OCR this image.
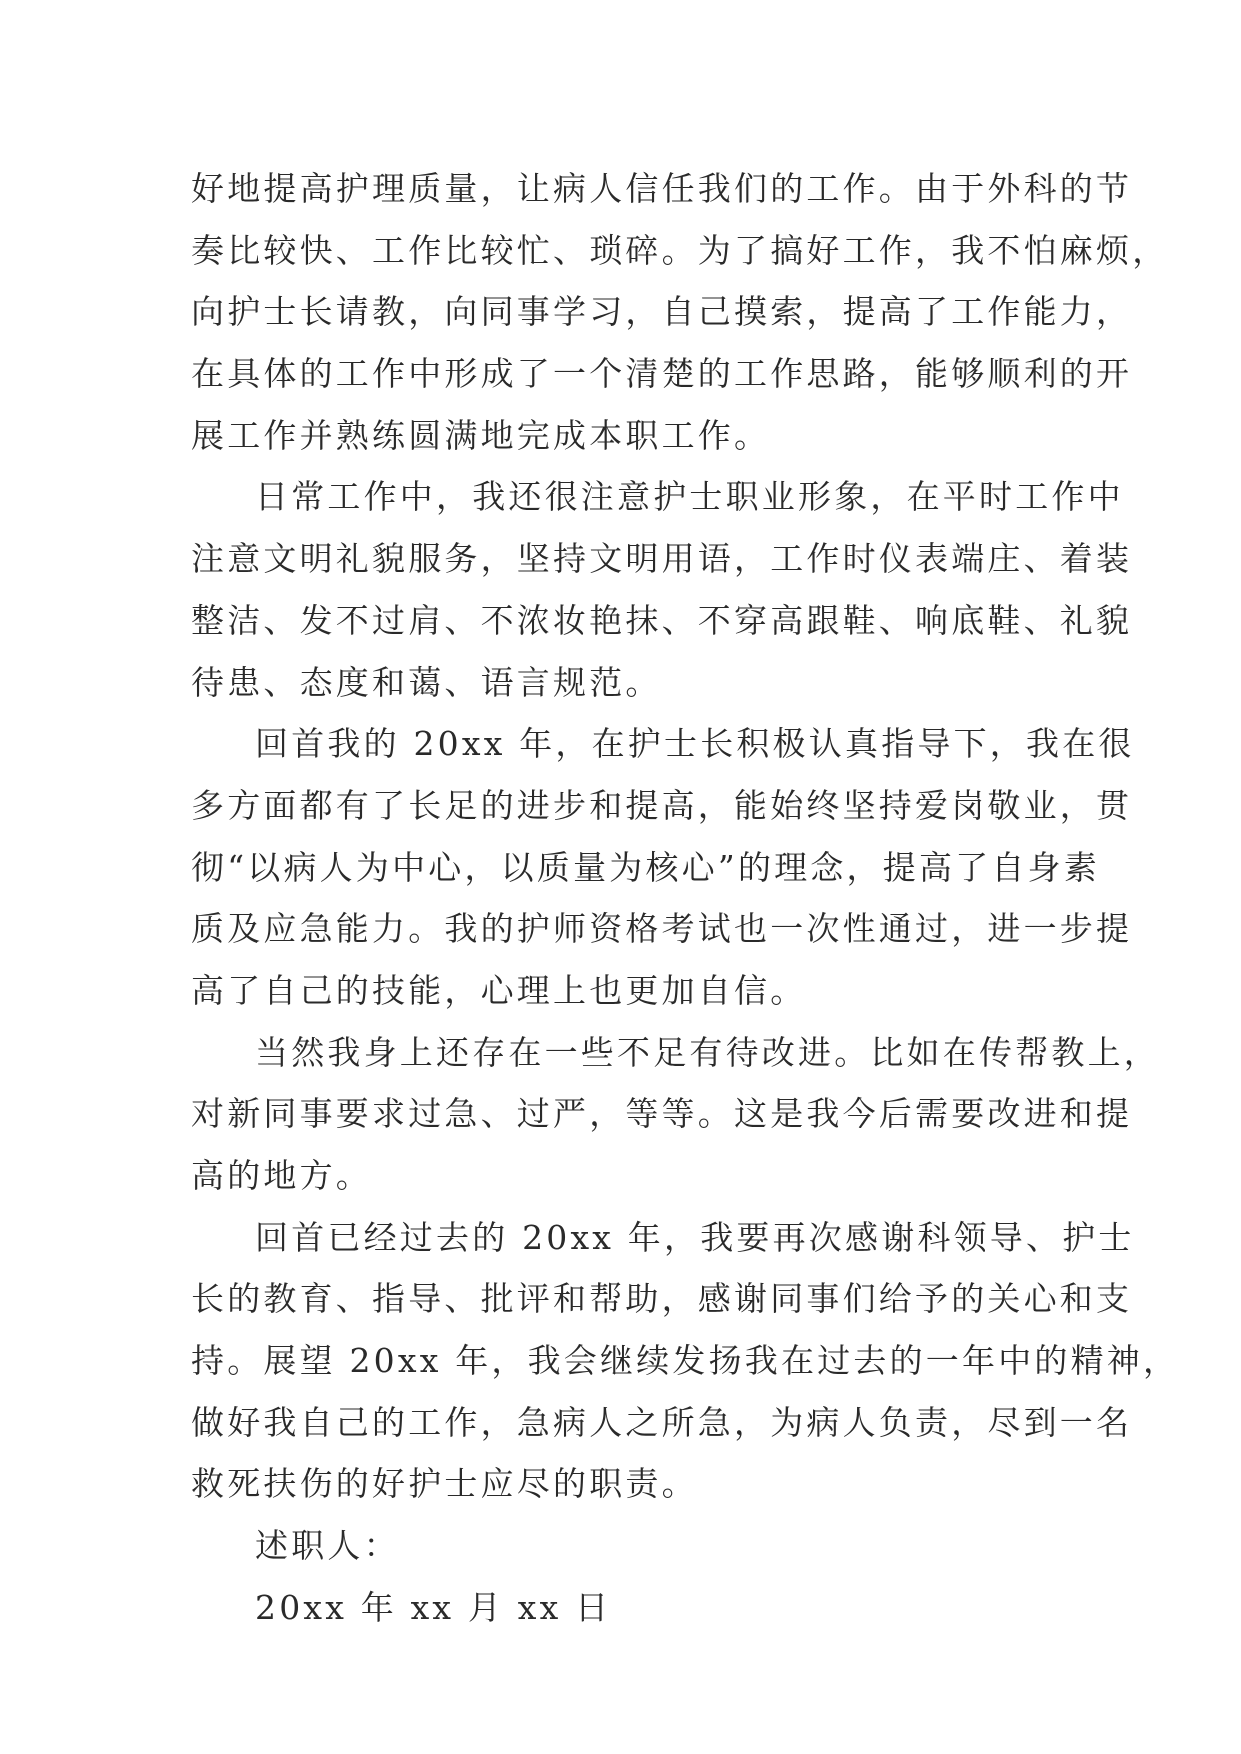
好地提高护理质量，让病人信任我们的工作。由于外科的节
奏比较快、工作比较忙、琐碎。为了搞好工作，我不怕麻烦，
向护士长请教，向同事学习，自己摸索，提高了工作能力，
在具体的工作中形成了一个清楚的工作思路，能够顺利的开
展工作并熟练圆满地完成本职工作。
日常工作中，我还很注意护士职业形象，在平时工作中
注意文明礼貌服务，坚持文明用语，工作时仪表端庄、着装
整洁、发不过肩、不浓妆艳抹、不穿高跟鞋、响底鞋、礼貌
待患、态度和蔼、语言规范。
回首我的 20xx 年，在护士长积极认真指导下，我在很
多方面都有了长足的进步和提高，能始终坚持爱岗敬业，贯
彻“以病人为中心，以质量为核心”的理念，提高了自身素
质及应急能力。我的护师资格考试也一次性通过，进一步提
高了自己的技能，心理上也更加自信。
当然我身上还存在一些不足有待改进。比如在传帮教上，
对新同事要求过急、过严，等等。这是我今后需要改进和提
高的地方。
回首已经过去的 20xx 年，我要再次感谢科领导、护士
长的教育、指导、批评和帮助，感谢同事们给予的关心和支
持。展望 20xx 年，我会继续发扬我在过去的一年中的精神，
做好我自己的工作，急病人之所急，为病人负责，尽到一名
救死扶伤的好护士应尽的职责。
述职人：
20xx 年 xx 月 xx 日
